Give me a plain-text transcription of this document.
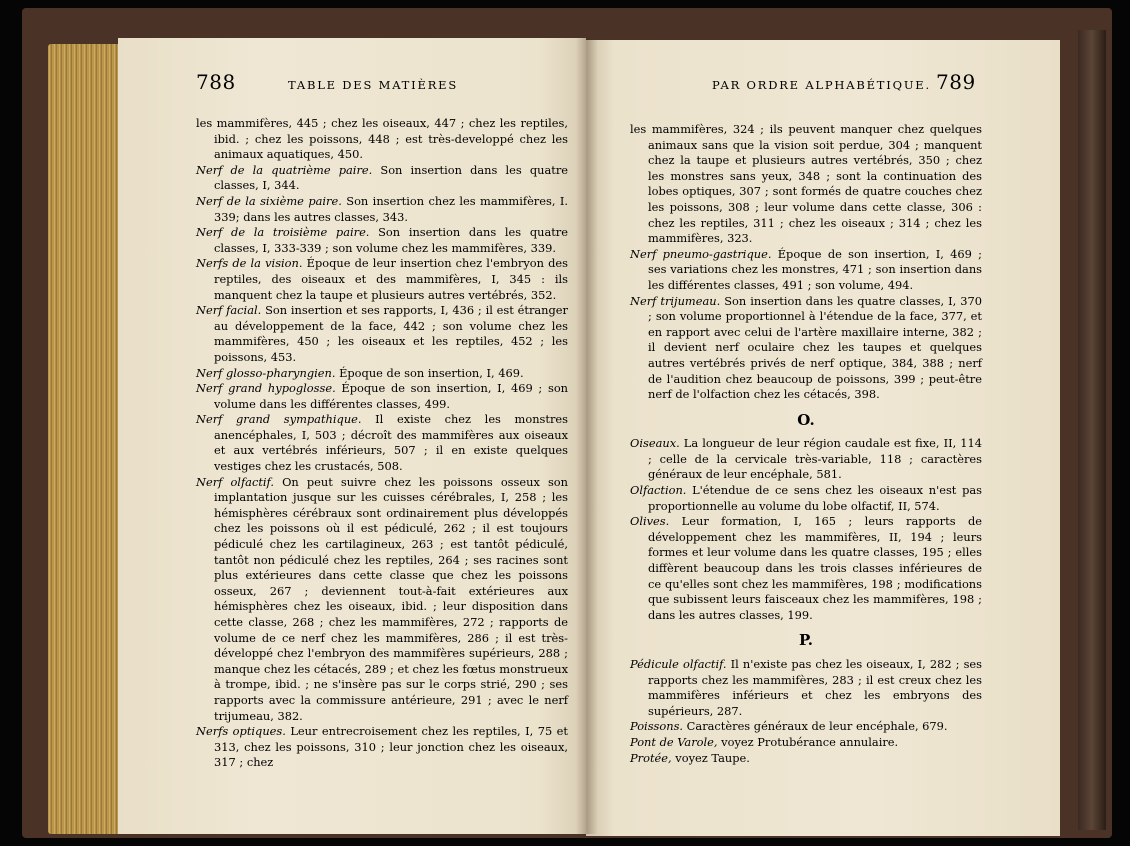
788	TABLE DES MATIÈRES	PAR ORDRE ALPHABÉTIQUE. 789

les mammifères, 445 ; chez les oiseaux, 447 ; chez les reptiles, ibid. ; chez les poissons, 448 ; est très-developpé chez les animaux aquatiques, 450.

Nerf de la quatrième paire. Son insertion dans les quatre classes, I, 344.

Nerf de la sixième paire. Son insertion chez les mammifères, I. 339; dans les autres classes, 343.

Nerf de la troisième paire. Son insertion dans les quatre classes, I, 333-339 ; son volume chez les mammifères, 339.

Nerfs de la vision. Époque de leur insertion chez l'embryon des reptiles, des oiseaux et des mammifères, I, 345 : ils manquent chez la taupe et plusieurs autres vertébrés, 352.

Nerf facial. Son insertion et ses rapports, I, 436 ; il est étranger au développement de la face, 442 ; son volume chez les mammifères, 450 ; les oiseaux et les reptiles, 452 ; les poissons, 453.

Nerf glosso-pharyngien. Époque de son insertion, I, 469.

Nerf grand hypoglosse. Époque de son insertion, I, 469 ; son volume dans les différentes classes, 499.

Nerf grand sympathique. Il existe chez les monstres anencéphales, I, 503 ; décroît des mammifères aux oiseaux et aux vertébrés inférieurs, 507 ; il en existe quelques vestiges chez les crustacés, 508.

Nerf olfactif. On peut suivre chez les poissons osseux son implantation jusque sur les cuisses cérébrales, I, 258 ; les hémisphères cérébraux sont ordinairement plus développés chez les poissons où il est pédiculé, 262 ; il est toujours pédiculé chez les cartilagineux, 263 ; est tantôt pédiculé, tantôt non pédiculé chez les reptiles, 264 ; ses racines sont plus extérieures dans cette classe que chez les poissons osseux, 267 ; deviennent tout-à-fait extérieures aux hémisphères chez les oiseaux, ibid. ; leur disposition dans cette classe, 268 ; chez les mammifères, 272 ; rapports de volume de ce nerf chez les mammifères, 286 ; il est très-développé chez l'embryon des mammifères supérieurs, 288 ; manque chez les cétacés, 289 ; et chez les fœtus monstrueux à trompe, ibid. ; ne s'insère pas sur le corps strié, 290 ; ses rapports avec la commissure antérieure, 291 ; avec le nerf trijumeau, 382.

Nerfs optiques. Leur entrecroisement chez les reptiles, I, 75 et 313, chez les poissons, 310 ; leur jonction chez les oiseaux, 317 ; chez

les mammifères, 324 ; ils peuvent manquer chez quelques animaux sans que la vision soit perdue, 304 ; manquent chez la taupe et plusieurs autres vertébrés, 350 ; chez les monstres sans yeux, 348 ; sont la continuation des lobes optiques, 307 ; sont formés de quatre couches chez les poissons, 308 ; leur volume dans cette classe, 306 : chez les reptiles, 311 ; chez les oiseaux ; 314 ; chez les mammifères, 323.

Nerf pneumo-gastrique. Époque de son insertion, I, 469 ; ses variations chez les monstres, 471 ; son insertion dans les différentes classes, 491 ; son volume, 494.

Nerf trijumeau. Son insertion dans les quatre classes, I, 370 ; son volume proportionnel à l'étendue de la face, 377, et en rapport avec celui de l'artère maxillaire interne, 382 ; il devient nerf oculaire chez les taupes et quelques autres vertébrés privés de nerf optique, 384, 388 ; nerf de l'audition chez beaucoup de poissons, 399 ; peut-être nerf de l'olfaction chez les cétacés, 398.

O.

Oiseaux. La longueur de leur région caudale est fixe, II, 114 ; celle de la cervicale très-variable, 118 ; caractères généraux de leur encéphale, 581.

Olfaction. L'étendue de ce sens chez les oiseaux n'est pas proportionnelle au volume du lobe olfactif, II, 574.

Olives. Leur formation, I, 165 ; leurs rapports de développement chez les mammifères, II, 194 ; leurs formes et leur volume dans les quatre classes, 195 ; elles diffèrent beaucoup dans les trois classes inférieures de ce qu'elles sont chez les mammifères, 198 ; modifications que subissent leurs faisceaux chez les mammifères, 198 ; dans les autres classes, 199.

P.

Pédicule olfactif. Il n'existe pas chez les oiseaux, I, 282 ; ses rapports chez les mammifères, 283 ; il est creux chez les mammifères inférieurs et chez les embryons des supérieurs, 287.

Poissons. Caractères généraux de leur encéphale, 679.

Pont de Varole, voyez Protubérance annulaire.

Protée, voyez Taupe.
